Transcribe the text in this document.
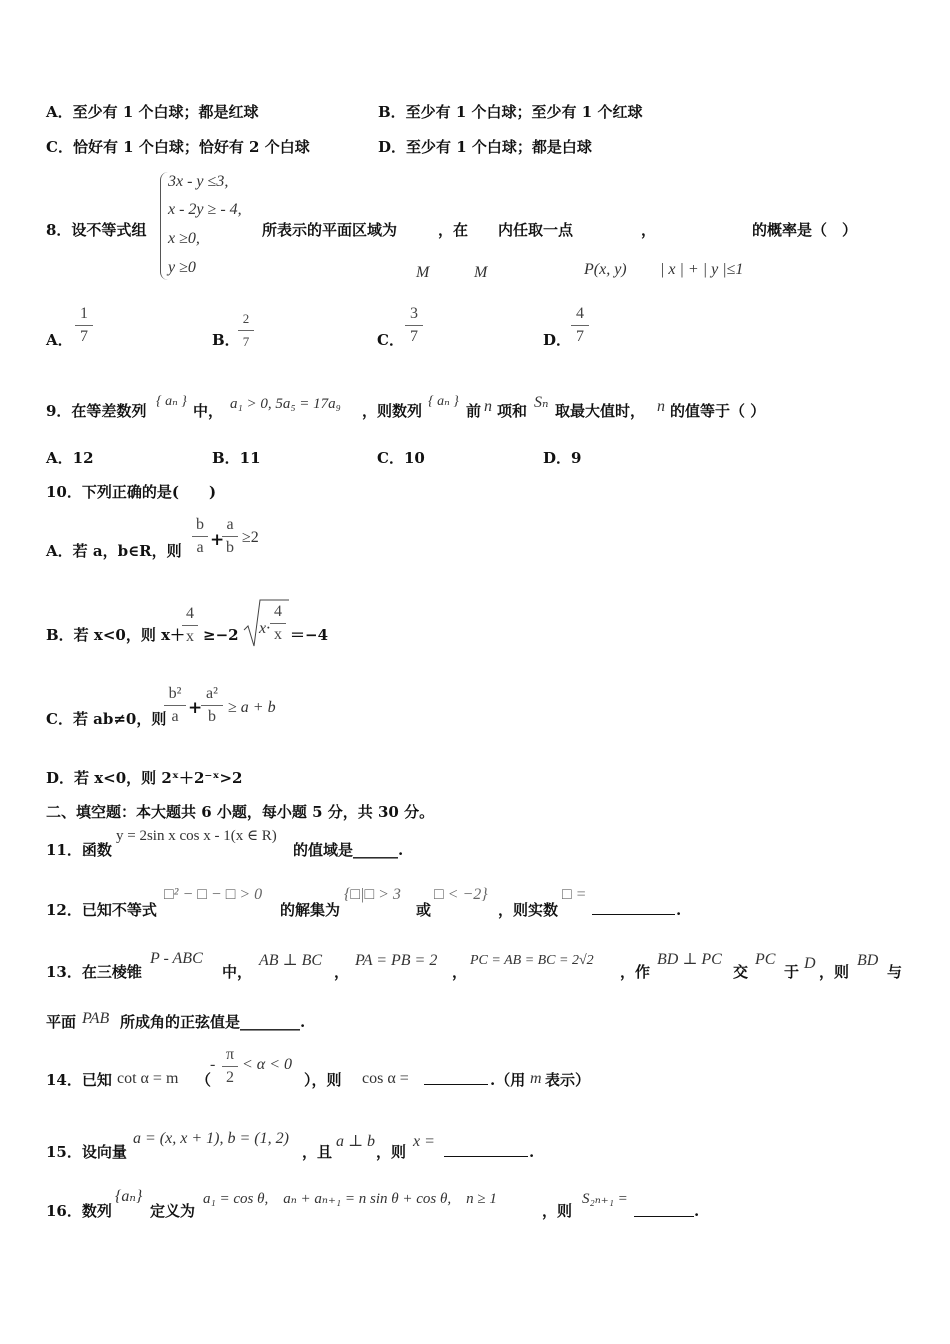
A．至少有 1 个白球；都是红球	B．至少有 1 个白球；至少有 1 个红球
C．恰好有 1 个白球；恰好有 2 个白球	D．至少有 1 个白球；都是白球
8．设不等式组
3x - y ≤3,
x - 2y ≥ - 4,
x ≥0,
y ≥0
所表示的平面区域为	，在 内任取一点	，	的概率是（　）
M	M	P(x, y) | x | + | y |≤1
A．
1
7	B．
2
7	C．
3
7	D．
4
7
9．在等差数列
{ aₙ }
中， a₁ > 0, 5a₅ = 17a₉ ，则数列
{ aₙ }
前 n 项和 Sₙ 取最大值时， n 的值等于（ ）
A．12	B．11	C．10	D．9
10．下列正确的是(　　)
A．若 a，b∈R，则
b
a +
a
b
≥2
B．若 x<0，则 x＋
4
x ≥−2 x·
4
x ＝−4
C．若 ab≠0，则
b²
a +
a²
b
≥ a + b
D．若 x<0，则 2ˣ＋2⁻ˣ>2
二、填空题：本大题共 6 小题，每小题 5 分，共 30 分。
11．函数
y = 2sin x cos x - 1(x ∈ R)
的值域是______.
12．已知不等式
□² − □ − □ > 0
的解集为
{□|□ > 3
或
□ < −2}
，则实数
□ =
.
13．在三棱锥
P - ABC
中，
AB ⊥ BC
，
PA = PB = 2
，
PC = AB = BC = 2√2
，作
BD ⊥ PC
交
PC
于 D ，则
BD
与
平面 PAB 所成角的正弦值是________.
14．已知 cot α = m （
-
π
2
< α < 0
），则 cos α =	.（用 m 表示）
15．设向量
a = (x, x + 1), b = (1, 2)
，且
a ⊥ b
，则
x =
.
16．数列
{aₙ}
定义为
a₁ = cos θ,　aₙ + aₙ₊₁ = n sin θ + cos θ,　n ≥ 1
，则
S₂ₙ₊₁ =
.
